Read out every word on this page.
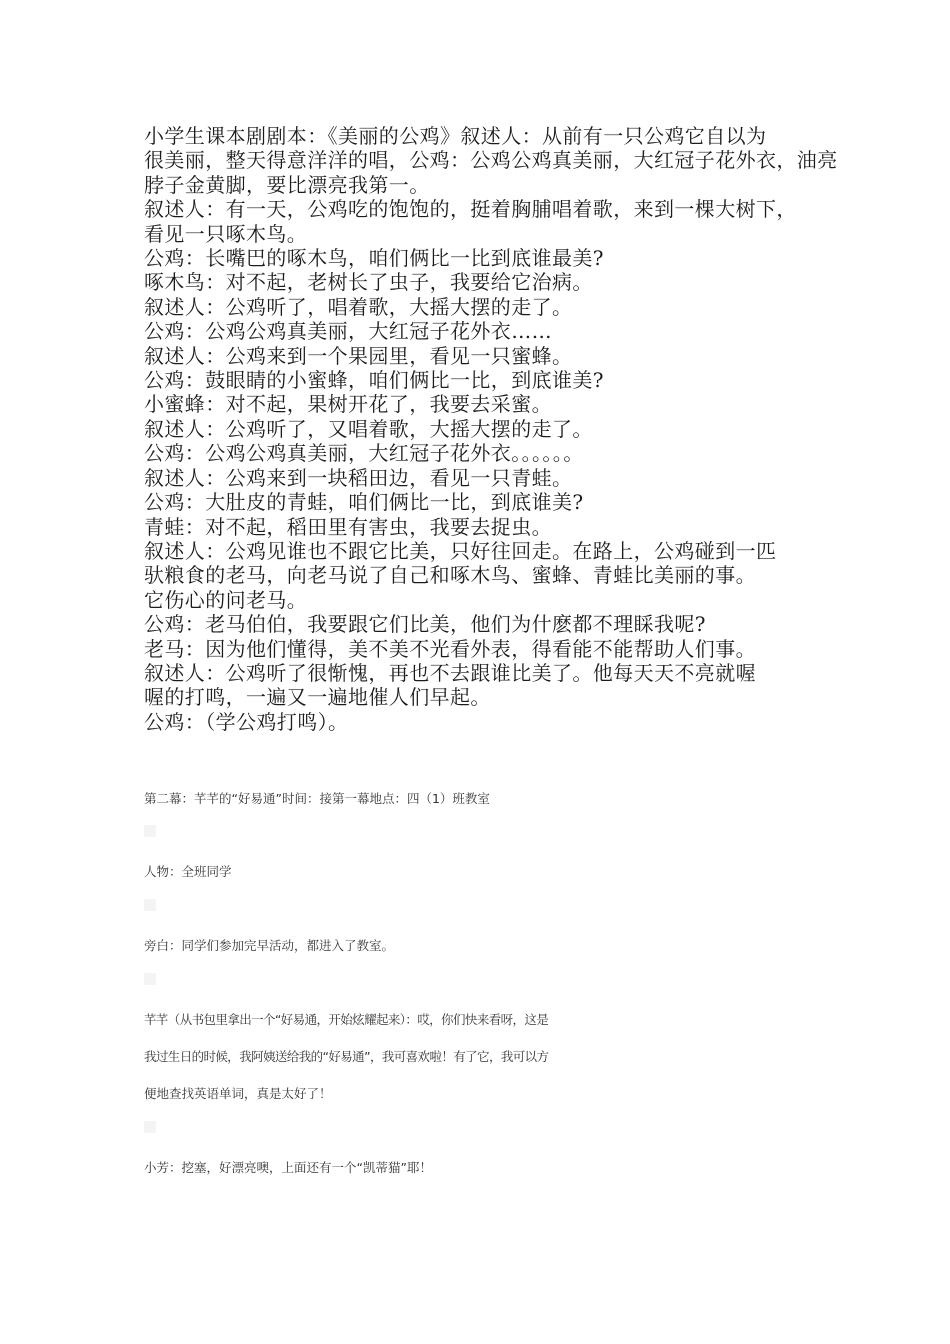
小学生课本剧剧本：《美丽的公鸡》叙述人：从前有一只公鸡它自以为
很美丽，整天得意洋洋的唱，公鸡：公鸡公鸡真美丽，大红冠子花外衣，油亮
脖子金黄脚，要比漂亮我第一。
叙述人：有一天，公鸡吃的饱饱的，挺着胸脯唱着歌，来到一棵大树下，
看见一只啄木鸟。
公鸡：长嘴巴的啄木鸟，咱们俩比一比到底谁最美?
啄木鸟：对不起，老树长了虫子，我要给它治病。
叙述人：公鸡听了，唱着歌，大摇大摆的走了。
公鸡：公鸡公鸡真美丽，大红冠子花外衣……
叙述人：公鸡来到一个果园里，看见一只蜜蜂。
公鸡：鼓眼睛的小蜜蜂，咱们俩比一比，到底谁美?
小蜜蜂：对不起，果树开花了，我要去采蜜。
叙述人：公鸡听了，又唱着歌，大摇大摆的走了。
公鸡：公鸡公鸡真美丽，大红冠子花外衣。。。。。。
叙述人：公鸡来到一块稻田边，看见一只青蛙。
公鸡：大肚皮的青蛙，咱们俩比一比，到底谁美?
青蛙：对不起，稻田里有害虫，我要去捉虫。
叙述人：公鸡见谁也不跟它比美，只好往回走。在路上，公鸡碰到一匹
驮粮食的老马，向老马说了自己和啄木鸟、蜜蜂、青蛙比美丽的事。
它伤心的问老马。
公鸡：老马伯伯，我要跟它们比美，他们为什麽都不理睬我呢?
老马：因为他们懂得，美不美不光看外表，得看能不能帮助人们事。
叙述人：公鸡听了很惭愧，再也不去跟谁比美了。他每天天不亮就喔
喔的打鸣，一遍又一遍地催人们早起。
公鸡：（学公鸡打鸣）。
第二幕：芊芊的“好易通”时间：接第一幕地点：四（1）班教室
人物：全班同学
旁白：同学们参加完早活动，都进入了教室。
芊芊（从书包里拿出一个“好易通，开始炫耀起来）：哎，你们快来看呀，这是
我过生日的时候，我阿姨送给我的“好易通”，我可喜欢啦！有了它，我可以方
便地查找英语单词，真是太好了！
小芳：挖塞，好漂亮噢，上面还有一个“凯蒂猫”耶！
